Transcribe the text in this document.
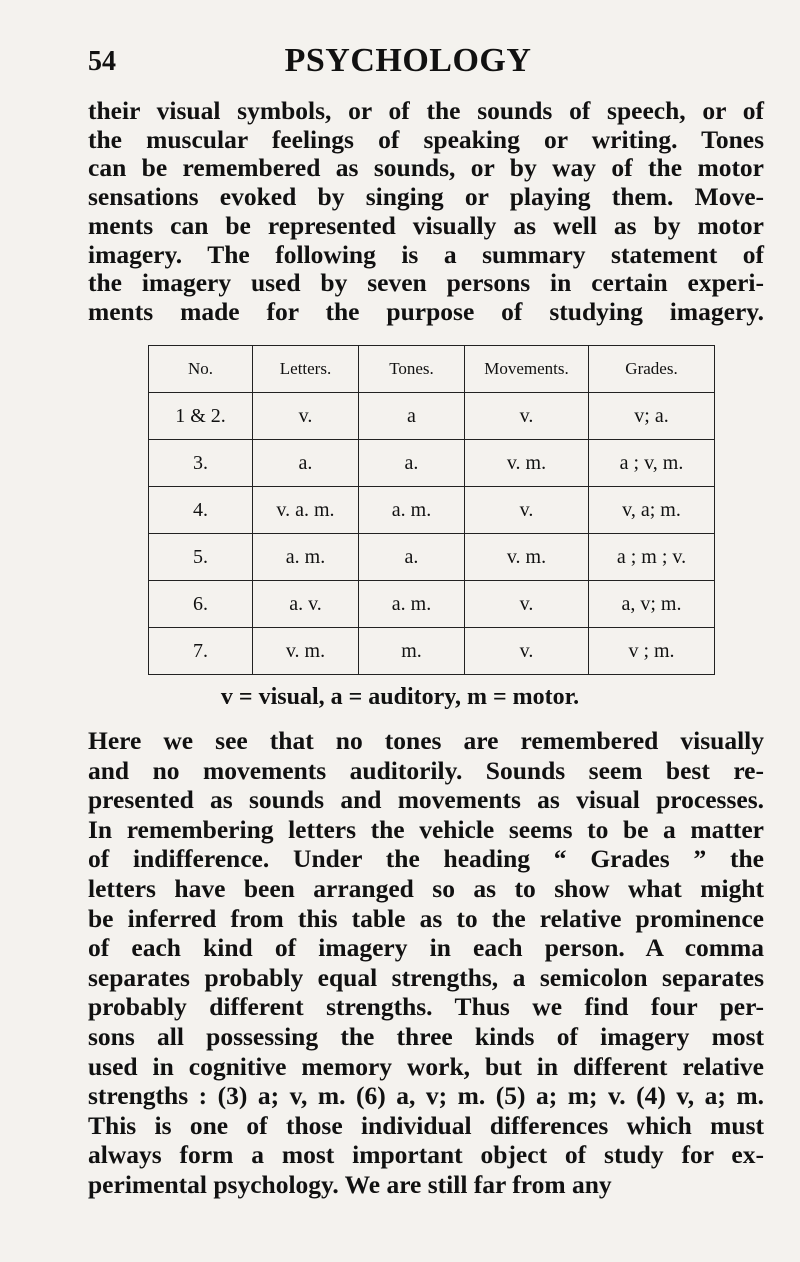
54	PSYCHOLOGY

their visual symbols, or of the sounds of speech, or of
the muscular feelings of speaking or writing. Tones
can be remembered as sounds, or by way of the motor
sensations evoked by singing or playing them. Move-
ments can be represented visually as well as by motor
imagery. The following is a summary statement of
the imagery used by seven persons in certain experi-
ments made for the purpose of studying imagery.

No.	Letters.	Tones.	Movements.	Grades.
1 & 2.	v.	a	v.	v; a.
3.	a.	a.	v. m.	a ; v, m.
4.	v. a. m.	a. m.	v.	v, a; m.
5.	a. m.	a.	v. m.	a ; m ; v.
6.	a. v.	a. m.	v.	a, v; m.
7.	v. m.	m.	v.	v ; m.
v = visual, a = auditory, m = motor.

Here we see that no tones are remembered visually
and no movements auditorily. Sounds seem best re-
presented as sounds and movements as visual processes.
In remembering letters the vehicle seems to be a matter
of indifference. Under the heading “ Grades ” the
letters have been arranged so as to show what might
be inferred from this table as to the relative prominence
of each kind of imagery in each person. A comma
separates probably equal strengths, a semicolon separates
probably different strengths. Thus we find four per-
sons all possessing the three kinds of imagery most
used in cognitive memory work, but in different relative
strengths : (3) a; v, m. (6) a, v; m. (5) a; m; v. (4) v, a; m.
This is one of those individual differences which must
always form a most important object of study for ex-
perimental psychology. We are still far from any
